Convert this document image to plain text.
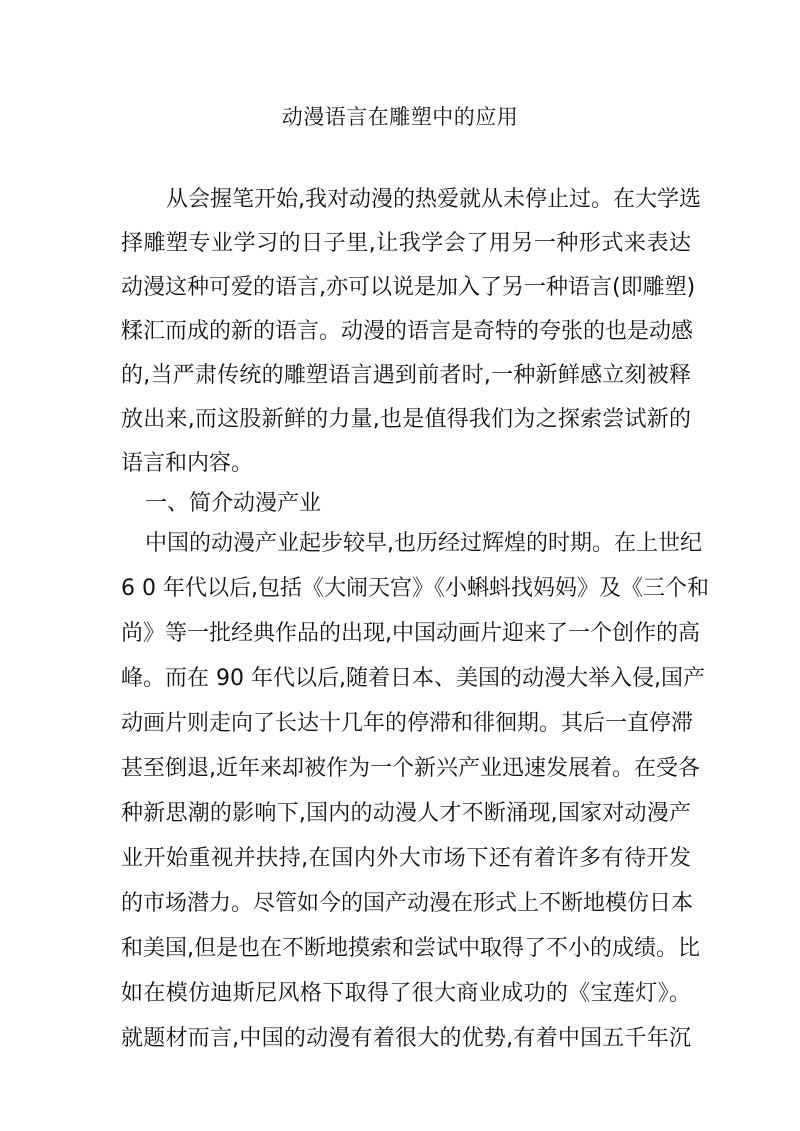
动漫语言在雕塑中的应用
从会握笔开始,我对动漫的热爱就从未停止过。在大学选
择雕塑专业学习的日子里,让我学会了用另一种形式来表达
动漫这种可爱的语言,亦可以说是加入了另一种语言(即雕塑)
糅汇而成的新的语言。动漫的语言是奇特的夸张的也是动感
的,当严肃传统的雕塑语言遇到前者时,一种新鲜感立刻被释
放出来,而这股新鲜的力量,也是值得我们为之探索尝试新的
语言和内容。
一、简介动漫产业
中国的动漫产业起步较早,也历经过辉煌的时期。在上世纪
6 0 年代以后,包括《大闹天宫》《小蝌蚪找妈妈》及《三个和
尚》等一批经典作品的出现,中国动画片迎来了一个创作的高
峰。而在 90 年代以后,随着日本、美国的动漫大举入侵,国产
动画片则走向了长达十几年的停滞和徘徊期。其后一直停滞
甚至倒退,近年来却被作为一个新兴产业迅速发展着。在受各
种新思潮的影响下,国内的动漫人才不断涌现,国家对动漫产
业开始重视并扶持,在国内外大市场下还有着许多有待开发
的市场潜力。尽管如今的国产动漫在形式上不断地模仿日本
和美国,但是也在不断地摸索和尝试中取得了不小的成绩。比
如在模仿迪斯尼风格下取得了很大商业成功的《宝莲灯》。
就题材而言,中国的动漫有着很大的优势,有着中国五千年沉
